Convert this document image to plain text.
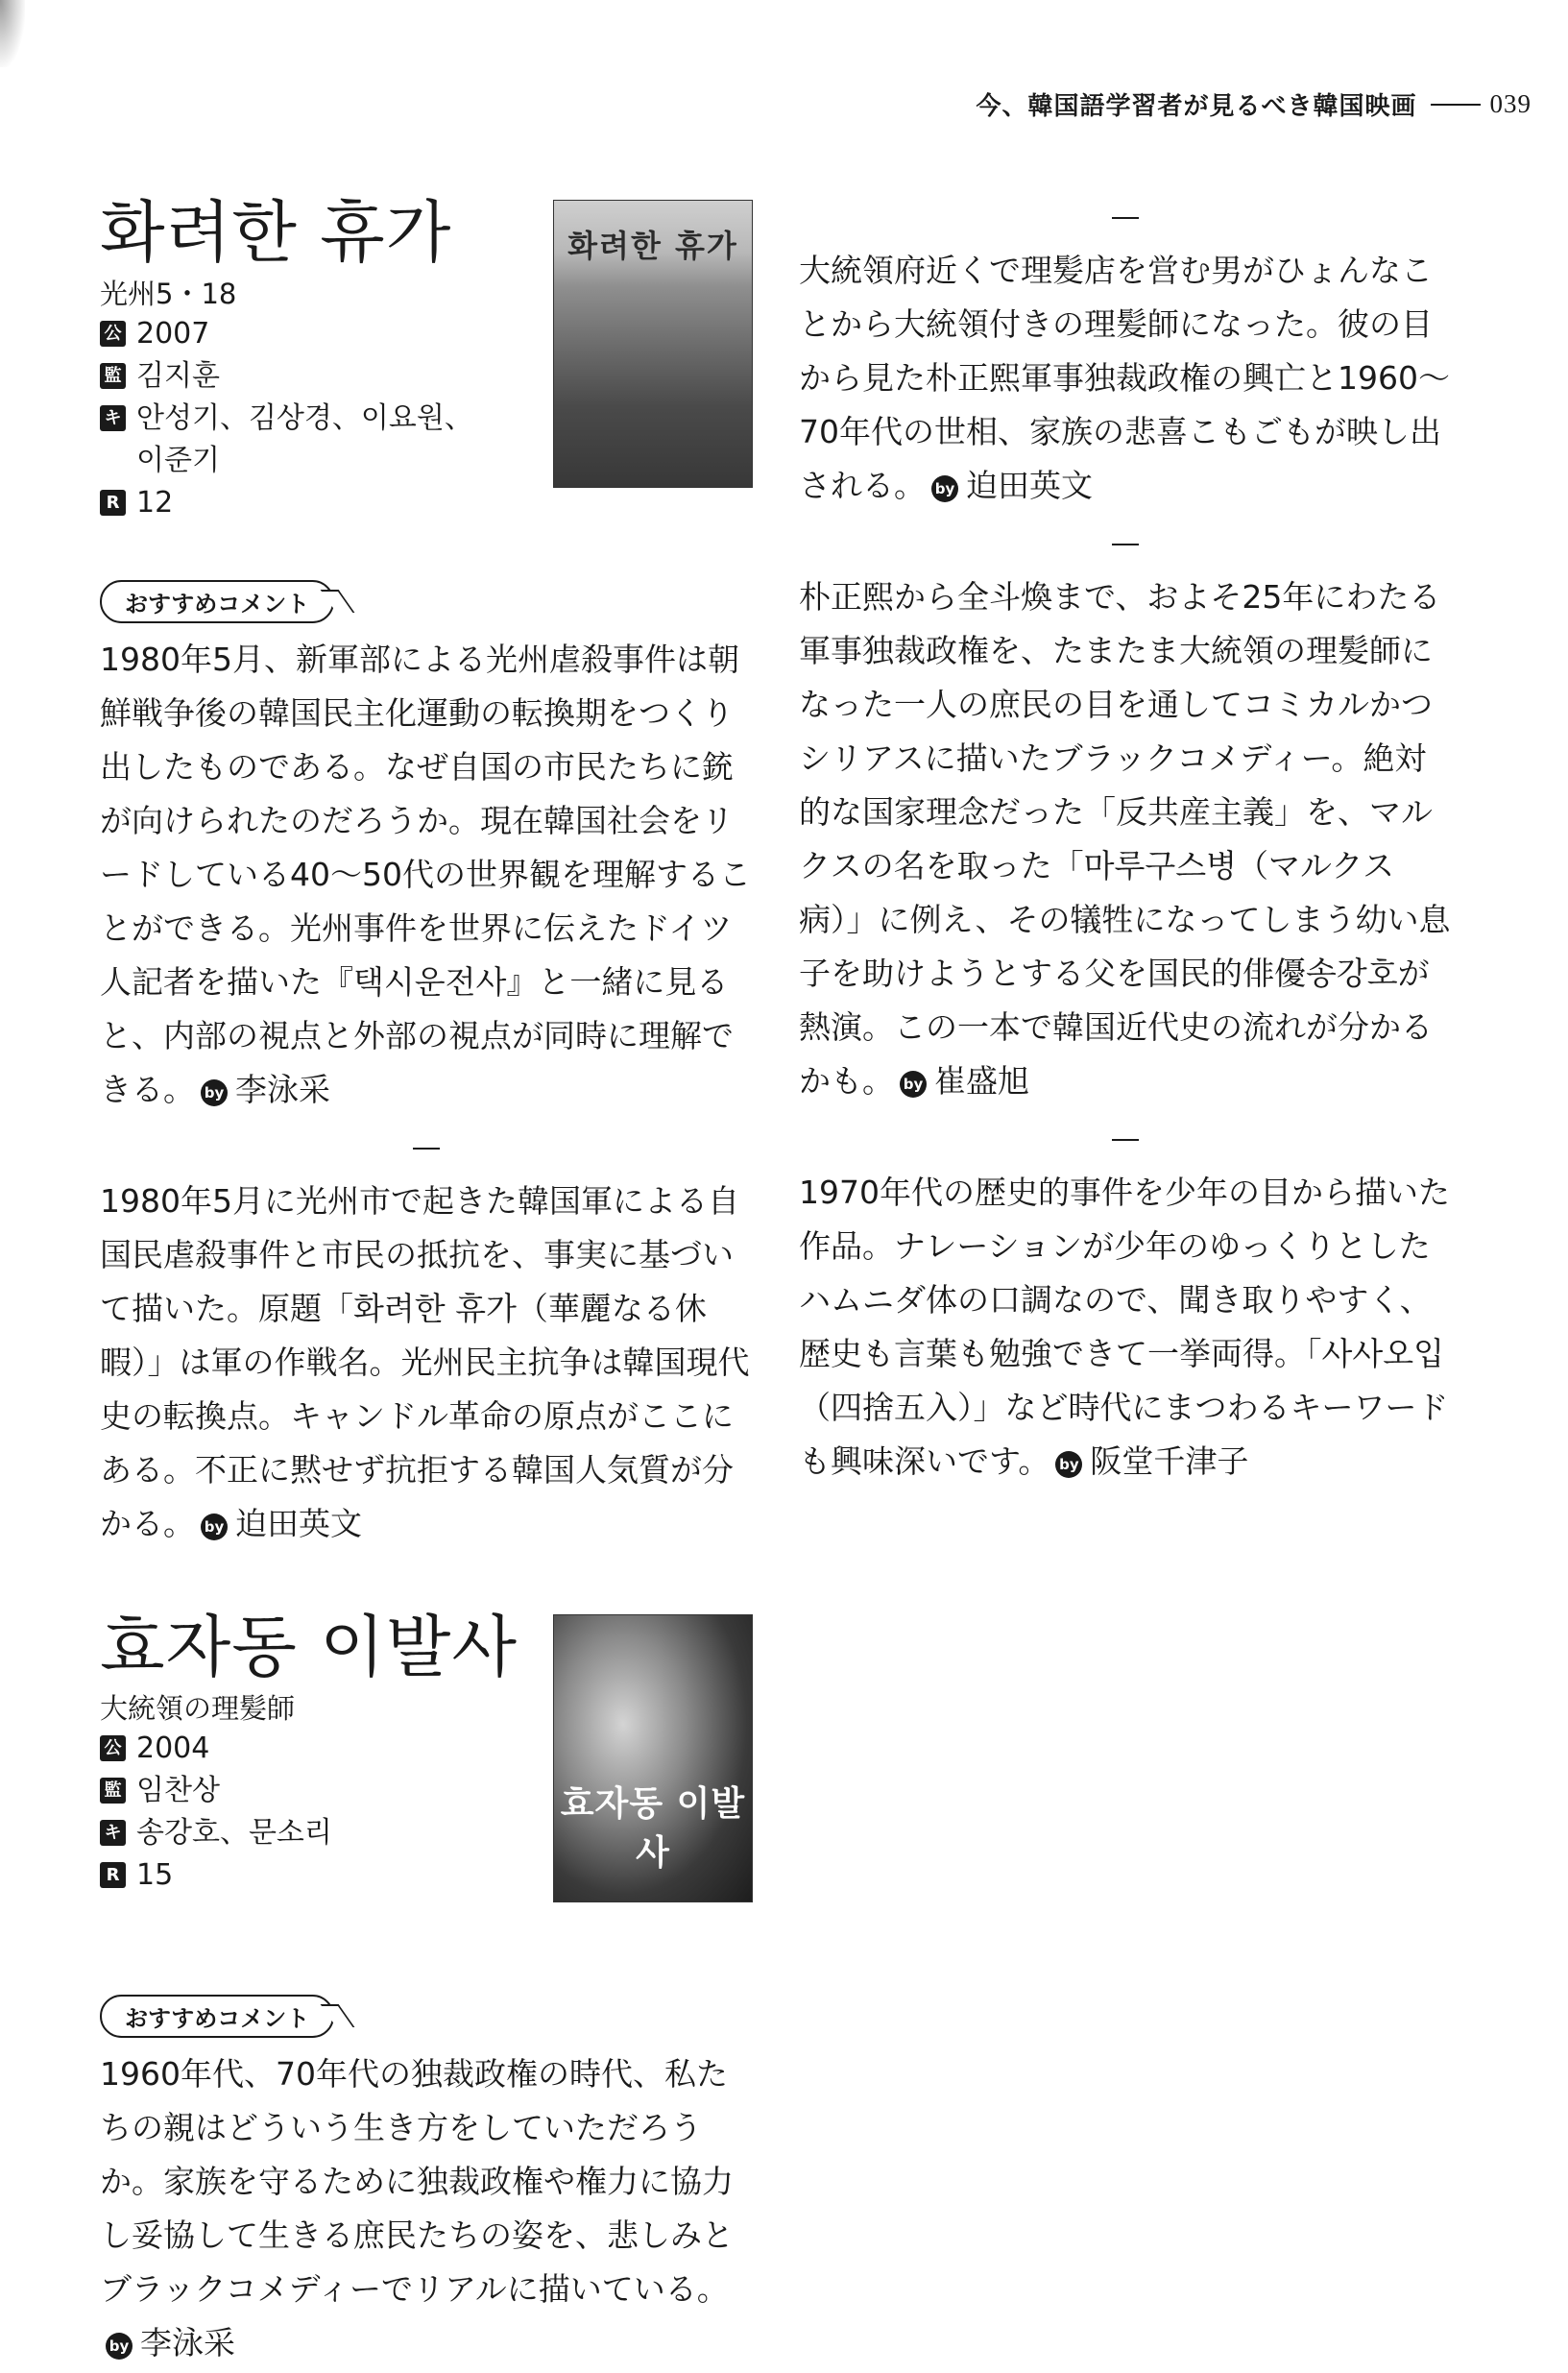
今、韓国語学習者が見るべき韓国映画	039
화려한 휴가
光州5・18
公 2007
監 김지훈
キ 안성기、김상경、이요원、이준기
R 12
화려한 휴가
おすすめコメント

1980年5月、新軍部による光州虐殺事件は朝鮮戦争後の韓国民主化運動の転換期をつくり出したものである。なぜ自国の市民たちに銃が向けられたのだろうか。現在韓国社会をリードしている40〜50代の世界観を理解することができる。光州事件を世界に伝えたドイツ人記者を描いた『택시운전사』と一緒に見ると、内部の視点と外部の視点が同時に理解できる。 by 李泳采

1980年5月に光州市で起きた韓国軍による自国民虐殺事件と市民の抵抗を、事実に基づいて描いた。原題「화려한 휴가（華麗なる休暇）」は軍の作戦名。光州民主抗争は韓国現代史の転換点。キャンドル革命の原点がここにある。不正に黙せず抗拒する韓国人気質が分かる。 by 迫田英文

효자동 이발사
大統領の理髪師
公 2004
監 임찬상
キ 송강호、문소리
R 15
효자동 이발사
おすすめコメント

1960年代、70年代の独裁政権の時代、私たちの親はどういう生き方をしていただろうか。家族を守るために独裁政権や権力に協力し妥協して生きる庶民たちの姿を、悲しみとブラックコメディーでリアルに描いている。by 李泳采

大統領府近くで理髪店を営む男がひょんなことから大統領付きの理髪師になった。彼の目から見た朴正熙軍事独裁政権の興亡と1960〜70年代の世相、家族の悲喜こもごもが映し出される。 by 迫田英文

朴正熙から全斗煥まで、およそ25年にわたる軍事独裁政権を、たまたま大統領の理髪師になった一人の庶民の目を通してコミカルかつシリアスに描いたブラックコメディー。絶対的な国家理念だった「反共産主義」を、マルクスの名を取った「마루구스병（マルクス病）」に例え、その犠牲になってしまう幼い息子を助けようとする父を国民的俳優송강호が熱演。この一本で韓国近代史の流れが分かるかも。 by 崔盛旭

1970年代の歴史的事件を少年の目から描いた作品。ナレーションが少年のゆっくりとしたハムニダ体の口調なので、聞き取りやすく、歴史も言葉も勉強できて一挙両得。「사사오입（四捨五入）」など時代にまつわるキーワードも興味深いです。 by 阪堂千津子
